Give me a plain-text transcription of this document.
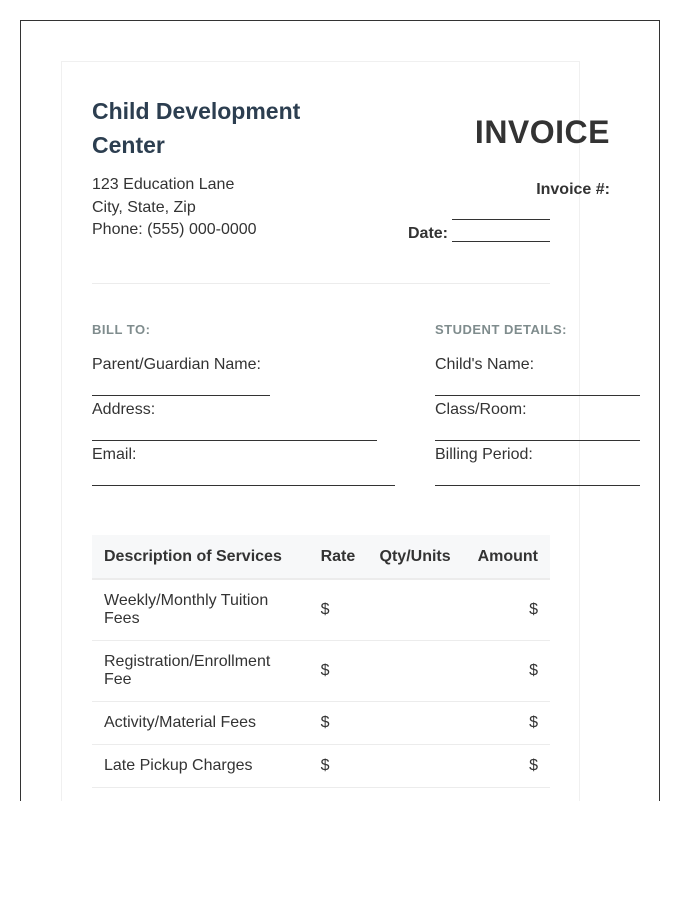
Child Development Center
123 Education Lane
City, State, Zip
Phone: (555) 000-0000
INVOICE
Invoice #:
Date:
BILL TO:
Parent/Guardian Name:
Address:
Email:
STUDENT DETAILS:
Child's Name:
Class/Room:
Billing Period:
Description of Services	Rate	Qty/Units	Amount
Weekly/Monthly Tuition Fees	$		$
Registration/Enrollment Fee	$		$
Activity/Material Fees	$		$
Late Pickup Charges	$		$
